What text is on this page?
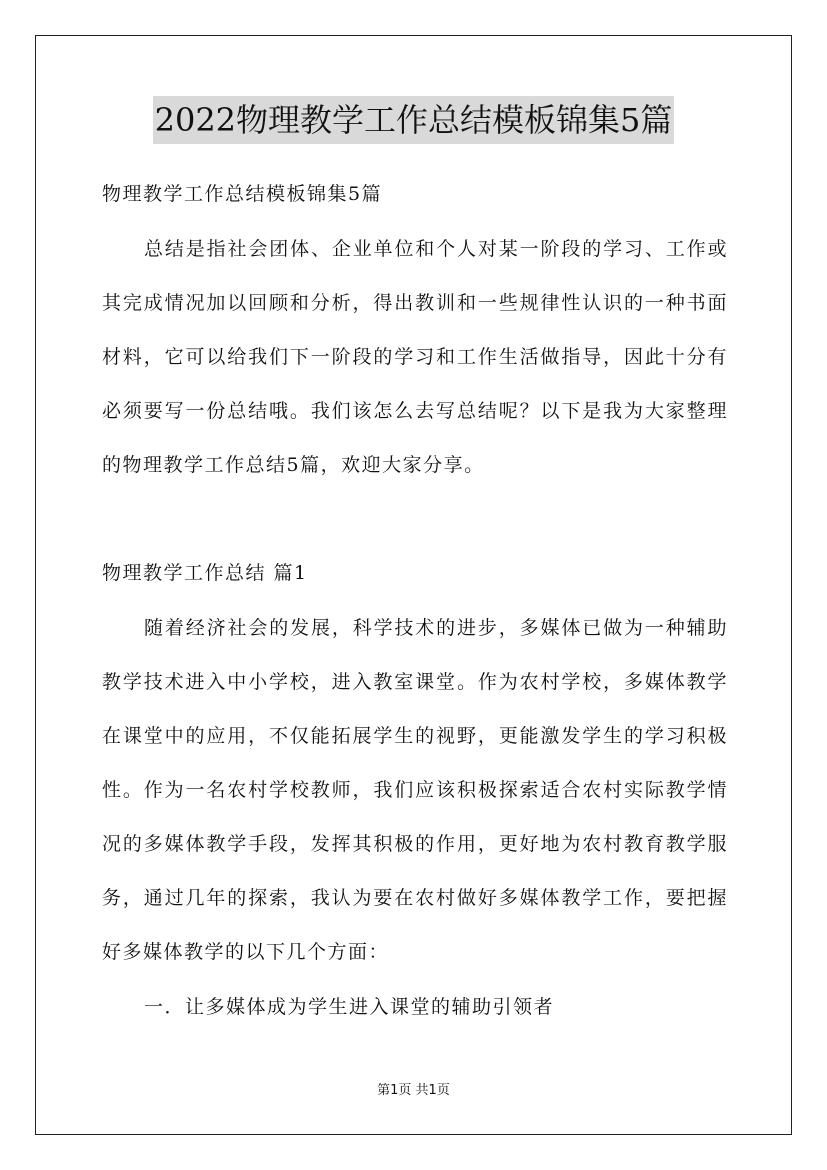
2022物理教学工作总结模板锦集5篇

物理教学工作总结模板锦集5篇

总结是指社会团体、企业单位和个人对某一阶段的学习、工作或其完成情况加以回顾和分析，得出教训和一些规律性认识的一种书面材料，它可以给我们下一阶段的学习和工作生活做指导，因此十分有必须要写一份总结哦。我们该怎么去写总结呢？以下是我为大家整理的物理教学工作总结5篇，欢迎大家分享。

物理教学工作总结 篇1

随着经济社会的发展，科学技术的进步，多媒体已做为一种辅助教学技术进入中小学校，进入教室课堂。作为农村学校，多媒体教学在课堂中的应用，不仅能拓展学生的视野，更能激发学生的学习积极性。作为一名农村学校教师，我们应该积极探索适合农村实际教学情况的多媒体教学手段，发挥其积极的作用，更好地为农村教育教学服务，通过几年的探索，我认为要在农村做好多媒体教学工作，要把握好多媒体教学的以下几个方面：

一．让多媒体成为学生进入课堂的辅助引领者

第1页 共1页
